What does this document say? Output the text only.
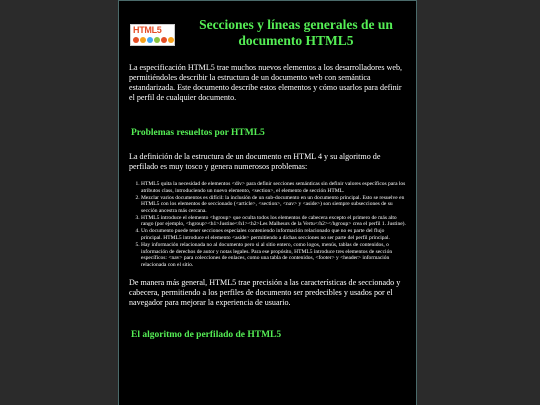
HTML5	Secciones y líneas generales de un documento HTML5

La especificación HTML5 trae muchos nuevos elementos a los desarrolladores web, permitiéndoles describir la estructura de un documento web con semántica estandarizada. Este documento describe estos elementos y cómo usarlos para definir el perfil de cualquier documento.

Problemas resueltos por HTML5

La definición de la estructura de un documento en HTML 4 y su algoritmo de perfilado es muy tosco y genera numerosos problemas:

1. HTML5 quita la necesidad de elementos <div> para definir secciones semánticas sin definir valores específicos para los atributos class, introduciendo un nuevo elemento, <section>, el elemento de sección HTML.
2. Mezclar varios documentos es difícil: la inclusión de un sub-documento en un documento principal. Esto se resuelve en HTML5 con los elementos de seccionado (<article>, <section>, <nav> y <aside>) son siempre subsecciones de su sección ancestra más cercana.
3. HTML5 introduce el elemento <hgroup> que oculta todos los elementos de cabecera excepto el primero de más alto rango (por ejemplo, <hgroup><h1>Justine</h1><h2>Les Malheurs de la Vertu</h2></hgroup> crea el perfil 1. Justine).
4. Un documento puede tener secciones especiales conteniendo información relacionado que no es parte del flujo principal. HTML5 introduce el elemento <aside> permitiendo a dichas secciones no ser parte del perfil principal.
5. Hay información relacionada no al documento pero si al sitio entero, como logos, menús, tablas de contenidos, o información de derechos de autor y notas legales. Para ese propósito, HTML5 introduce tres elementos de sección específicos: <nav> para colecciones de enlaces, como una tabla de contenidos, <footer> y <header> información relacionada con el sitio.

De manera más general, HTML5 trae precisión a las características de seccionado y cabecera, permitiendo a los perfiles de documento ser predecibles y usados por el navegador para mejorar la experiencia de usuario.

El algoritmo de perfilado de HTML5
